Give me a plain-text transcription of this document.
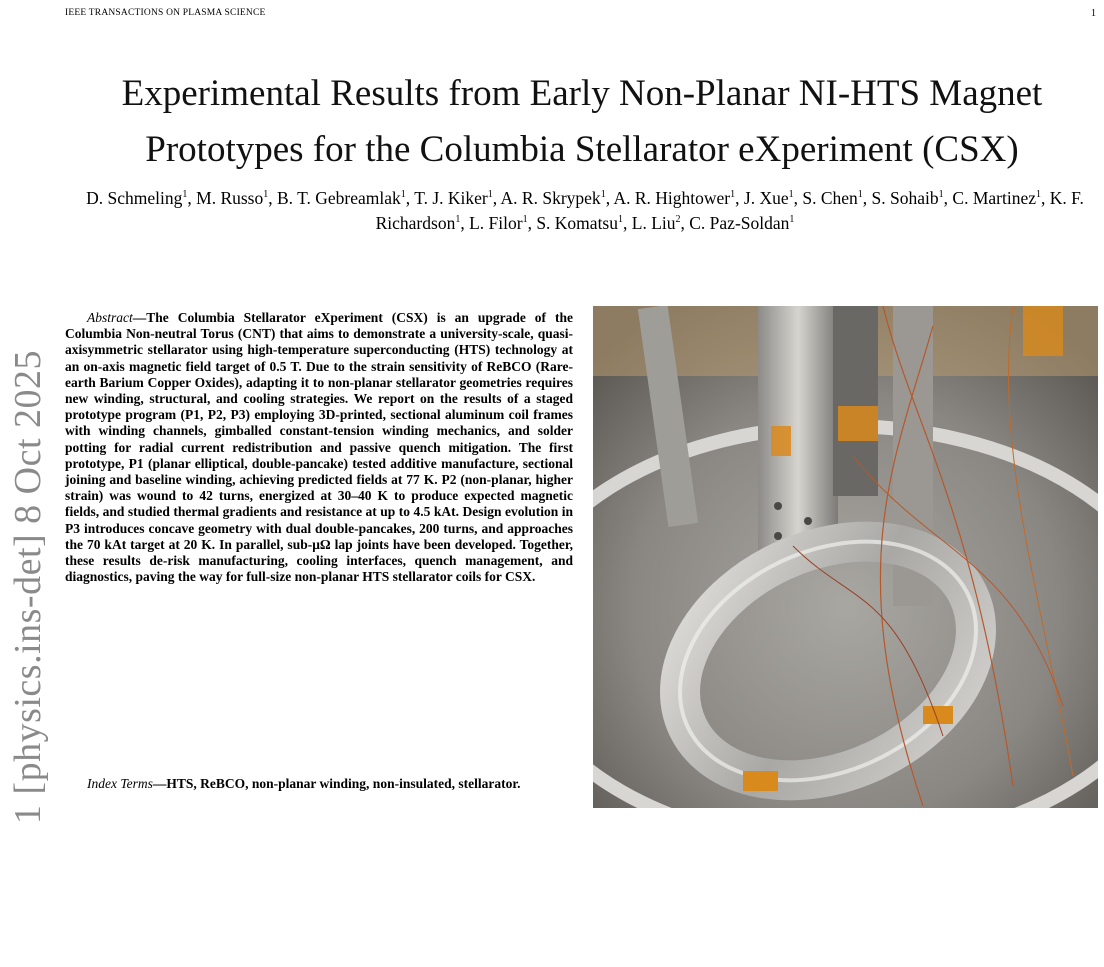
IEEE TRANSACTIONS ON PLASMA SCIENCE	1
1 [physics.ins-det] 8 Oct 2025
Experimental Results from Early Non-Planar NI-HTS Magnet
Prototypes for the Columbia Stellarator eXperiment (CSX)
D. Schmeling$^1$, M. Russo$^1$, B. T. Gebreamlak$^1$, T. J. Kiker$^1$, A. R. Skrypek$^1$, A. R. Hightower$^1$, J. Xue$^1$, S. Chen$^1$, S. Sohaib$^1$, C. Martinez$^1$, K. F. Richardson$^1$, L. Filor$^1$, S. Komatsu$^1$, L. Liu$^2$, C. Paz-Soldan$^1$
Abstract—The Columbia Stellarator eXperiment (CSX) is an upgrade of the Columbia Non-neutral Torus (CNT) that aims to demonstrate a university-scale, quasi-axisymmetric stellarator using high-temperature superconducting (HTS) technology at an on-axis magnetic field target of 0.5 T. Due to the strain sensitivity of ReBCO (Rare-earth Barium Copper Oxides), adapting it to non-planar stellarator geometries requires new winding, structural, and cooling strategies. We report on the results of a staged prototype program (P1, P2, P3) employing 3D-printed, sectional aluminum coil frames with winding channels, gimballed constant-tension winding mechanics, and solder potting for radial current redistribution and passive quench mitigation. The first prototype, P1 (planar elliptical, double-pancake) tested additive manufacture, sectional joining and baseline winding, achieving predicted fields at 77 K. P2 (non-planar, higher strain) was wound to 42 turns, energized at 30–40 K to produce expected magnetic fields, and studied thermal gradients and resistance at up to 4.5 kAt. Design evolution in P3 introduces concave geometry with dual double-pancakes, 200 turns, and approaches the 70 kAt target at 20 K. In parallel, sub-μΩ lap joints have been developed. Together, these results de-risk manufacturing, cooling interfaces, quench management, and diagnostics, paving the way for full-size non-planar HTS stellarator coils for CSX.
Index Terms—HTS, ReBCO, non-planar winding, non-insulated, stellarator.
